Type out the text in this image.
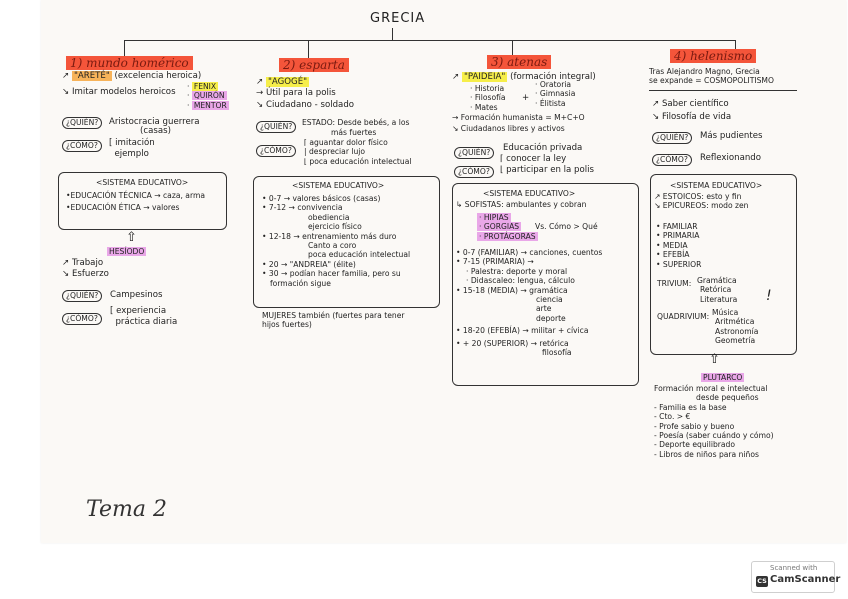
GRECIA
1) mundo homérico
↗ "ARETÉ" (excelencia heroica)
↘ Imitar modelos heroicos
· FENIX
· QUIRÓN
· MENTOR
¿QUIÉN?	Aristocracia guerrera
(casas)
¿CÓMO?	[ imitación
ejemplo
<SISTEMA EDUCATIVO>
•EDUCACIÓN TÉCNICA → caza, arma
•EDUCACIÓN ÉTICA → valores
⇧
HESÍODO
↗ Trabajo
↘ Esfuerzo
¿QUIÉN?	Campesinos
¿CÓMO?
[ experiencia
práctica diaria
2) esparta
↗ "AGOGÉ"
→ Útil para la polis
↘ Ciudadano - soldado
¿QUIÉN?	ESTADO: Desde bebés, a los
más fuertes
¿CÓMO?
⌈ aguantar dolor físico
| despreciar lujo
⌊ poca educación intelectual
<SISTEMA EDUCATIVO>
• 0-7 → valores básicos (casas)
• 7-12 → convivencia
obediencia
ejercicio físico
• 12-18 → entrenamiento más duro
Canto a coro
poca educación intelectual
• 20 → "ANDREIA" (élite)
• 30 → podían hacer familia, pero su
formación sigue
MUJERES también (fuertes para tener
hijos fuertes)
3) atenas
↗ "PAIDEIA" (formación integral)
· Historia
· Filosofía
· Mates
+
· Oratoria
· Gimnasia
· Élitista
→ Formación humanista = M+C+O
↘ Ciudadanos libres y activos
¿QUIÉN?	Educación privada
¿CÓMO?
⌈ conocer la ley
⌊ participar en la polis
<SISTEMA EDUCATIVO>
↳ SOFISTAS: ambulantes y cobran
· HIPIAS
· GORGIAS
· PROTÁGORAS
Vs. Cómo > Qué
• 0-7 (FAMILIAR) → canciones, cuentos
• 7-15 (PRIMARIA) →
· Palestra: deporte y moral
· Didascaleo: lengua, cálculo
• 15-18 (MEDIA) → gramática
ciencia
arte
deporte
• 18-20 (EFEBÍA) → militar + cívica
• + 20 (SUPERIOR) → retórica
filosofía
4) helenismo
Tras Alejandro Magno, Grecia
se expande = COSMOPOLITISMO
↗ Saber científico
↘ Filosofía de vida
¿QUIÉN?	Más pudientes
¿CÓMO?	Reflexionando
<SISTEMA EDUCATIVO>
↗ ESTOICOS: esto y fin
↘ EPICUREOS: modo zen
• FAMILIAR
• PRIMARIA
• MEDIA
• EFEBÍA
• SUPERIOR
TRIVIUM: Gramática
Retórica
Literatura !
QUADRIVIUM: Música
Aritmética
Astronomía
Geometría
⇧
PLUTARCO
Formación moral e intelectual
desde pequeños
- Familia es la base
- Cto. > €
- Profe sabio y bueno
- Poesía (saber cuándo y cómo)
- Deporte equilibrado
- Libros de niños para niños
Tema 2
Scanned with
CS CamScanner
